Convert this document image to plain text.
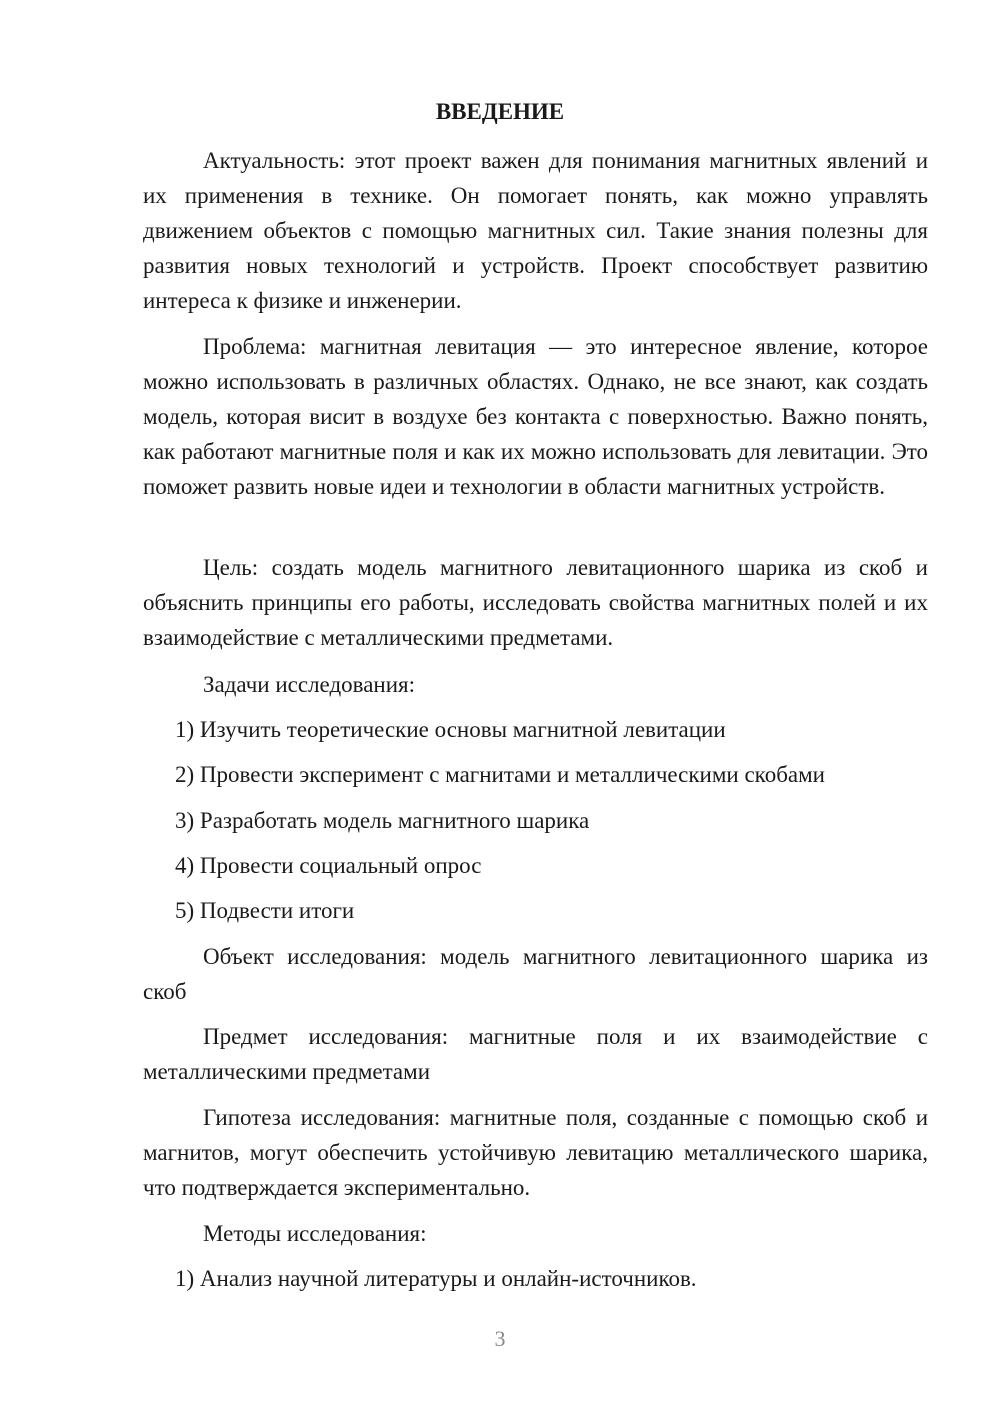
ВВЕДЕНИЕ
Актуальность: этот проект важен для понимания магнитных явлений и их применения в технике. Он помогает понять, как можно управлять движением объектов с помощью магнитных сил. Такие знания полезны для развития новых технологий и устройств. Проект способствует развитию интереса к физике и инженерии.
Проблема: магнитная левитация — это интересное явление, которое можно использовать в различных областях. Однако, не все знают, как создать модель, которая висит в воздухе без контакта с поверхностью. Важно понять, как работают магнитные поля и как их можно использовать для левитации. Это поможет развить новые идеи и технологии в области магнитных устройств.
Цель: создать модель магнитного левитационного шарика из скоб и объяснить принципы его работы, исследовать свойства магнитных полей и их взаимодействие с металлическими предметами.
Задачи исследования:
1) Изучить теоретические основы магнитной левитации
2) Провести эксперимент с магнитами и металлическими скобами
3) Разработать модель магнитного шарика
4) Провести социальный опрос
5) Подвести итоги
Объект исследования: модель магнитного левитационного шарика из скоб
Предмет исследования: магнитные поля и их взаимодействие с металлическими предметами
Гипотеза исследования: магнитные поля, созданные с помощью скоб и магнитов, могут обеспечить устойчивую левитацию металлического шарика, что подтверждается экспериментально.
Методы исследования:
1) Анализ научной литературы и онлайн-источников.
3
